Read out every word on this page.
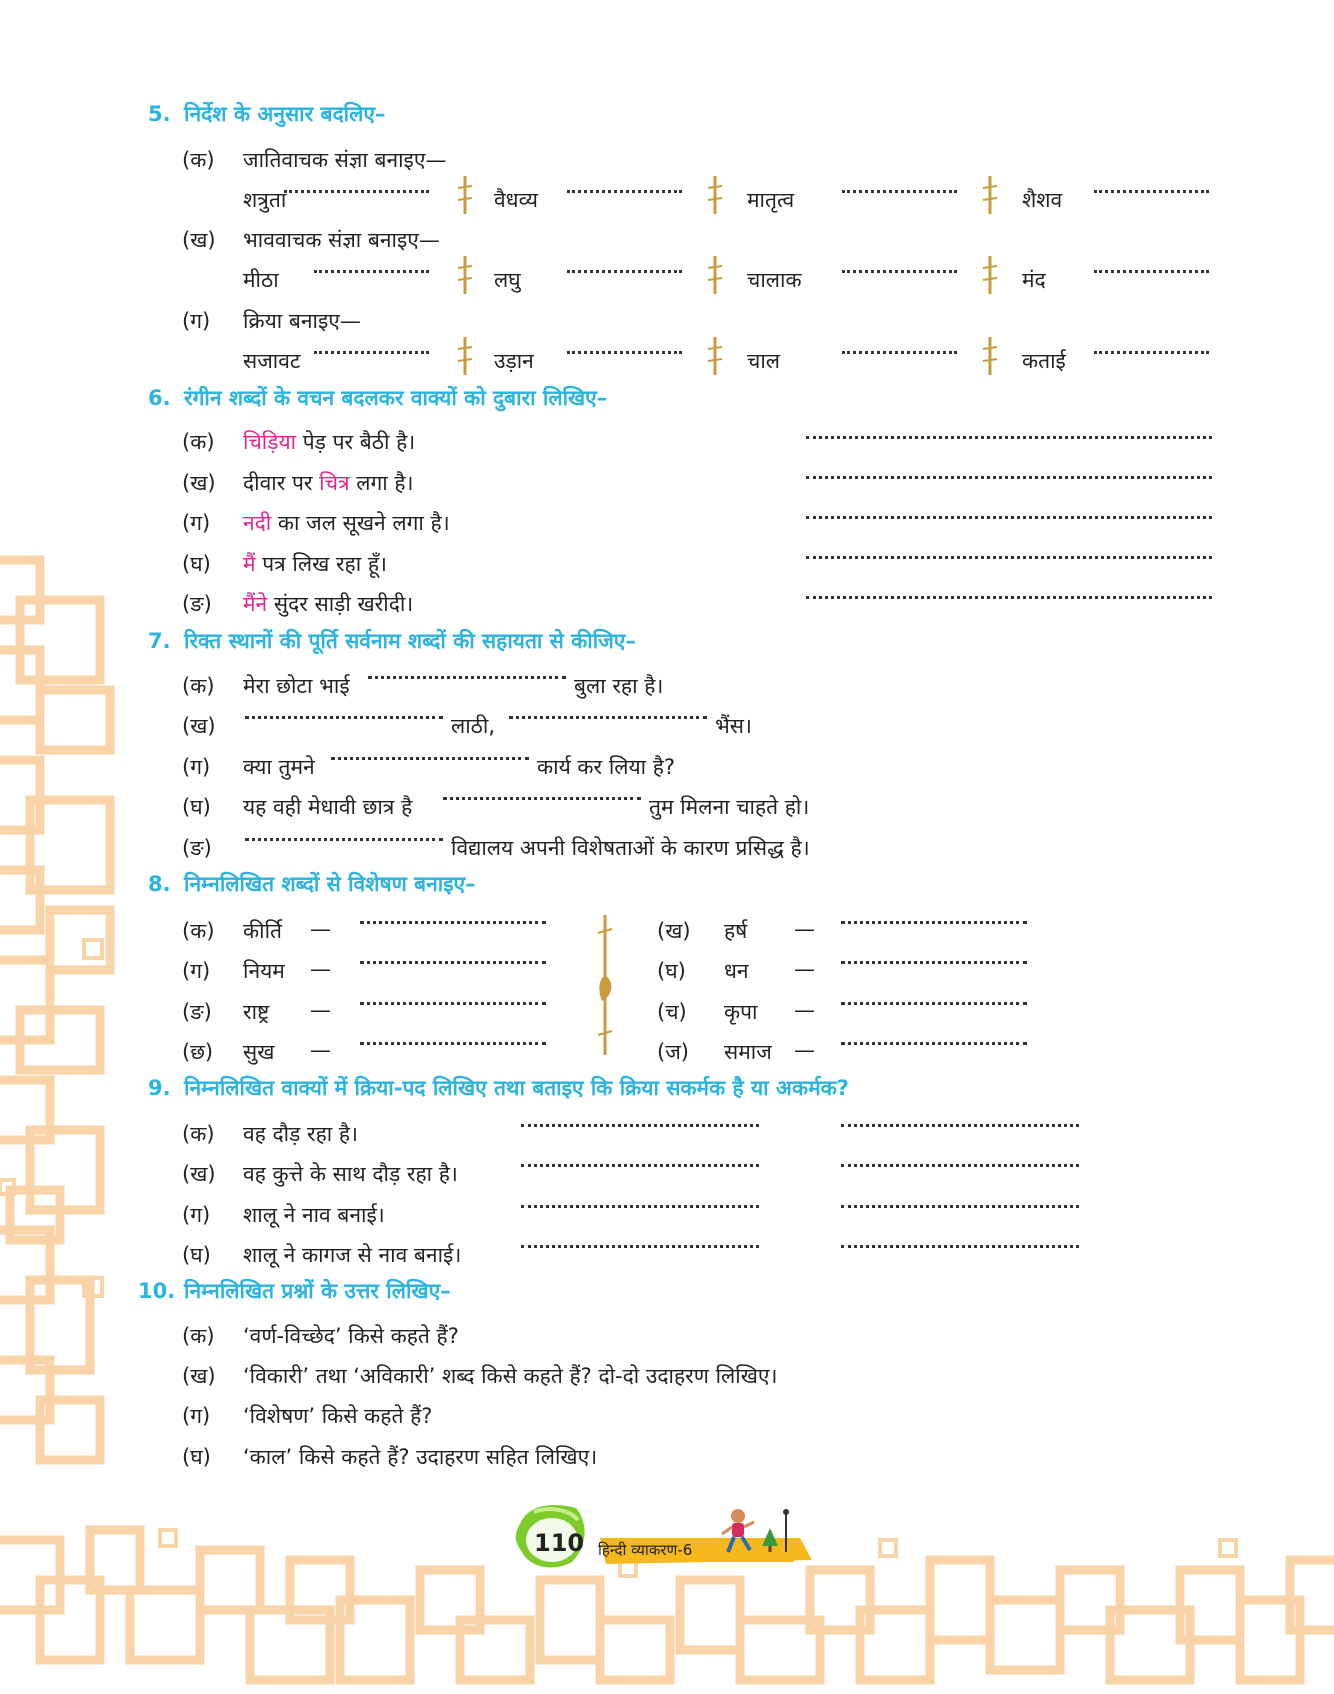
5. निर्देश के अनुसार बदलिए–
(क) जातिवाचक संज्ञा बनाइए—
शत्रुता	वैधव्य	मातृत्व	शैशव
(ख) भाववाचक संज्ञा बनाइए—
मीठा	लघु	चालाक	मंद
(ग) क्रिया बनाइए—
सजावट	उड़ान	चाल	कताई
6. रंगीन शब्दों के वचन बदलकर वाक्यों को दुबारा लिखिए–
(क) चिड़िया पेड़ पर बैठी है।
(ख) दीवार पर चित्र लगा है।
(ग) नदी का जल सूखने लगा है।
(घ) मैं पत्र लिख रहा हूँ।
(ङ) मैंने सुंदर साड़ी खरीदी।
7. रिक्त स्थानों की पूर्ति सर्वनाम शब्दों की सहायता से कीजिए–
(क) मेरा छोटा भाई	बुला रहा है।
(ख)	लाठी,	भैंस।
(ग) क्या तुमने	कार्य कर लिया है?
(घ) यह वही मेधावी छात्र है	तुम मिलना चाहते हो।
(ङ)	विद्यालय अपनी विशेषताओं के कारण प्रसिद्ध है।
8. निम्नलिखित शब्दों से विशेषण बनाइए–
(क) कीर्ति —
(ग) नियम —
(ङ) राष्ट्र —
(छ) सुख —
(ख) हर्ष —
(घ) धन —
(च) कृपा —
(ज) समाज —
9. निम्नलिखित वाक्यों में क्रिया-पद लिखिए तथा बताइए कि क्रिया सकर्मक है या अकर्मक?
(क) वह दौड़ रहा है।
(ख) वह कुत्ते के साथ दौड़ रहा है।
(ग) शालू ने नाव बनाई।
(घ) शालू ने कागज से नाव बनाई।
10. निम्नलिखित प्रश्नों के उत्तर लिखिए–
(क) ‘वर्ण-विच्छेद’ किसे कहते हैं?
(ख) ‘विकारी’ तथा ‘अविकारी’ शब्द किसे कहते हैं? दो-दो उदाहरण लिखिए।
(ग) ‘विशेषण’ किसे कहते हैं?
(घ) ‘काल’ किसे कहते हैं? उदाहरण सहित लिखिए।
110 हिन्दी व्याकरण-6
